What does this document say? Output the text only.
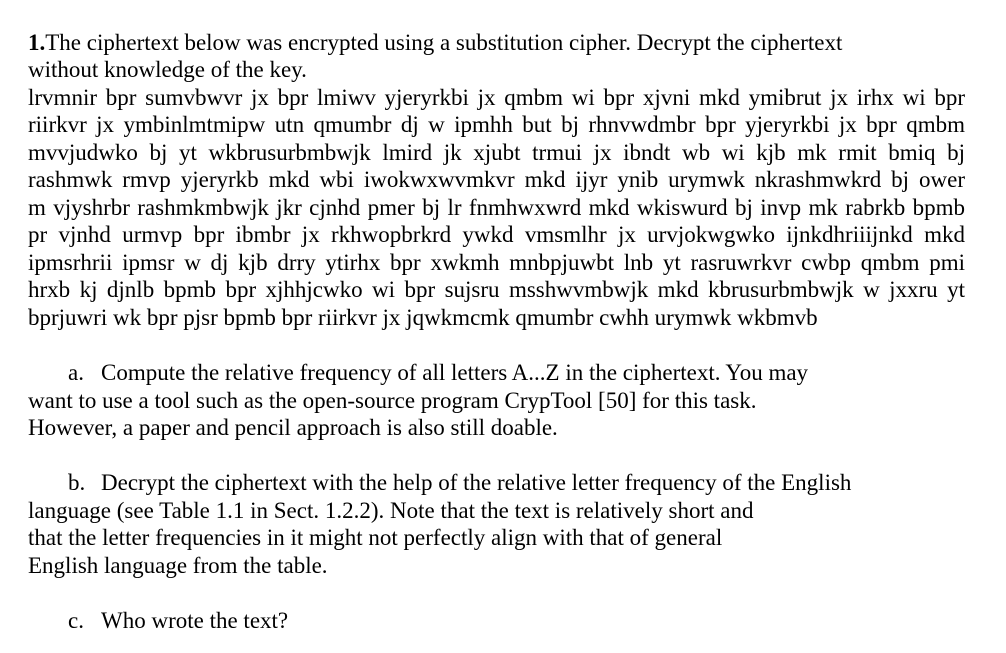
1.The ciphertext below was encrypted using a substitution cipher. Decrypt the ciphertext
without knowledge of the key.
lrvmnir bpr sumvbwvr jx bpr lmiwv yjeryrkbi jx qmbm wi bpr xjvni mkd ymibrut jx irhx wi bpr
riirkvr jx ymbinlmtmipw utn qmumbr dj w ipmhh but bj rhnvwdmbr bpr yjeryrkbi jx bpr qmbm
mvvjudwko bj yt wkbrusurbmbwjk lmird jk xjubt trmui jx ibndt wb wi kjb mk rmit bmiq bj
rashmwk rmvp yjeryrkb mkd wbi iwokwxwvmkvr mkd ijyr ynib urymwk nkrashmwkrd bj ower
m vjyshrbr rashmkmbwjk jkr cjnhd pmer bj lr fnmhwxwrd mkd wkiswurd bj invp mk rabrkb bpmb
pr vjnhd urmvp bpr ibmbr jx rkhwopbrkrd ywkd vmsmlhr jx urvjokwgwko ijnkdhriiijnkd mkd
ipmsrhrii ipmsr w dj kjb drry ytirhx bpr xwkmh mnbpjuwbt lnb yt rasruwrkvr cwbp qmbm pmi
hrxb kj djnlb bpmb bpr xjhhjcwko wi bpr sujsru msshwvmbwjk mkd kbrusurbmbwjk w jxxru yt
bprjuwri wk bpr pjsr bpmb bpr riirkvr jx jqwkmcmk qmumbr cwhh urymwk wkbmvb
a. Compute the relative frequency of all letters A...Z in the ciphertext. You may
want to use a tool such as the open-source program CrypTool [50] for this task.
However, a paper and pencil approach is also still doable.
b. Decrypt the ciphertext with the help of the relative letter frequency of the English
language (see Table 1.1 in Sect. 1.2.2). Note that the text is relatively short and
that the letter frequencies in it might not perfectly align with that of general
English language from the table.
c. Who wrote the text?
